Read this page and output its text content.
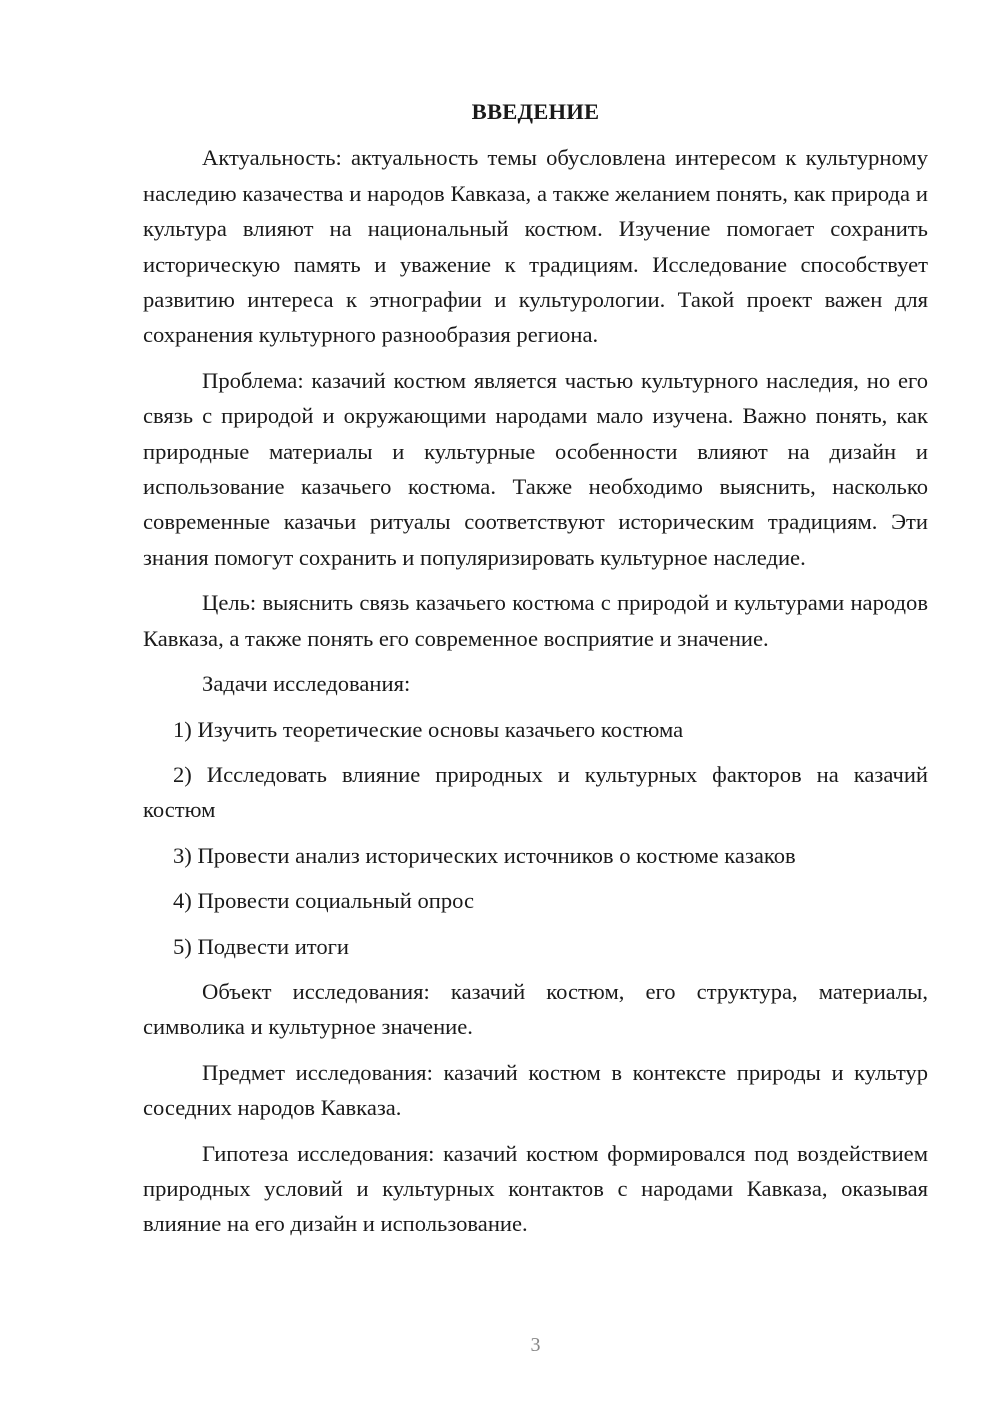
ВВЕДЕНИЕ

Актуальность: актуальность темы обусловлена интересом к культурному наследию казачества и народов Кавказа, а также желанием понять, как природа и культура влияют на национальный костюм. Изучение помогает сохранить историческую память и уважение к традициям. Исследование способствует развитию интереса к этнографии и культурологии. Такой проект важен для сохранения культурного разнообразия региона.

Проблема: казачий костюм является частью культурного наследия, но его связь с природой и окружающими народами мало изучена. Важно понять, как природные материалы и культурные особенности влияют на дизайн и использование казачьего костюма. Также необходимо выяснить, насколько современные казачьи ритуалы соответствуют историческим традициям. Эти знания помогут сохранить и популяризировать культурное наследие.

Цель: выяснить связь казачьего костюма с природой и культурами народов Кавказа, а также понять его современное восприятие и значение.

Задачи исследования:

1) Изучить теоретические основы казачьего костюма

2) Исследовать влияние природных и культурных факторов на казачий костюм

3) Провести анализ исторических источников о костюме казаков

4) Провести социальный опрос

5) Подвести итоги

Объект исследования: казачий костюм, его структура, материалы, символика и культурное значение.

Предмет исследования: казачий костюм в контексте природы и культур соседних народов Кавказа.

Гипотеза исследования: казачий костюм формировался под воздействием природных условий и культурных контактов с народами Кавказа, оказывая влияние на его дизайн и использование.

3
